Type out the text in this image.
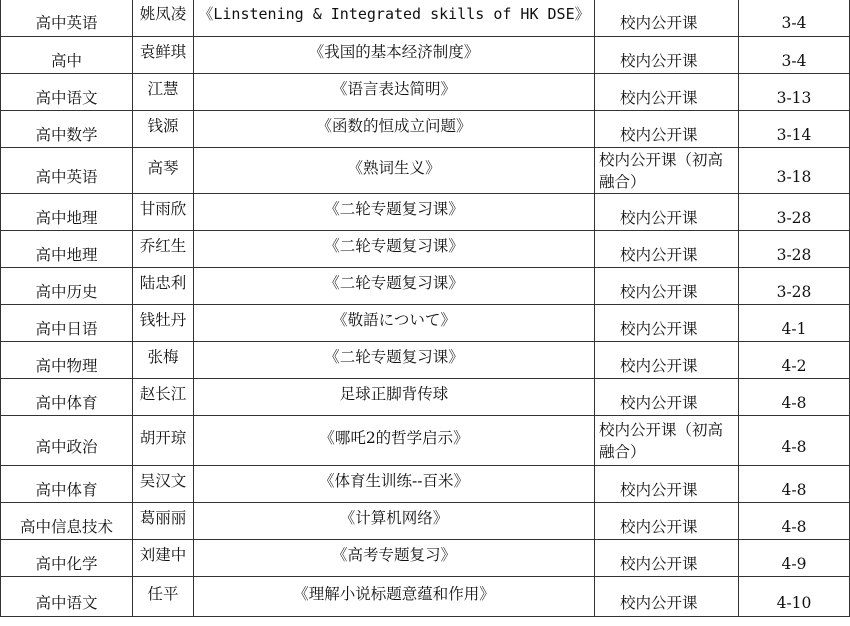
高中英语	姚凤凌	《Linstening & Integrated skills of HK DSE》	校内公开课	3-4
高中	袁鲜琪	《我国的基本经济制度》	校内公开课	3-4
高中语文	江慧	《语言表达简明》	校内公开课	3-13
高中数学	钱源	《函数的恒成立问题》	校内公开课	3-14
高中英语	高琴	《熟词生义》	校内公开课（初高融合）	3-18
高中地理	甘雨欣	《二轮专题复习课》	校内公开课	3-28
高中地理	乔红生	《二轮专题复习课》	校内公开课	3-28
高中历史	陆忠利	《二轮专题复习课》	校内公开课	3-28
高中日语	钱牡丹	《敬語について》	校内公开课	4-1
高中物理	张梅	《二轮专题复习课》	校内公开课	4-2
高中体育	赵长江	足球正脚背传球	校内公开课	4-8
高中政治	胡开琼	《哪吒2的哲学启示》	校内公开课（初高融合）	4-8
高中体育	吴汉文	《体育生训练--百米》	校内公开课	4-8
高中信息技术	葛丽丽	《计算机网络》	校内公开课	4-8
高中化学	刘建中	《高考专题复习》	校内公开课	4-9
高中语文	任平	《理解小说标题意蕴和作用》	校内公开课	4-10
